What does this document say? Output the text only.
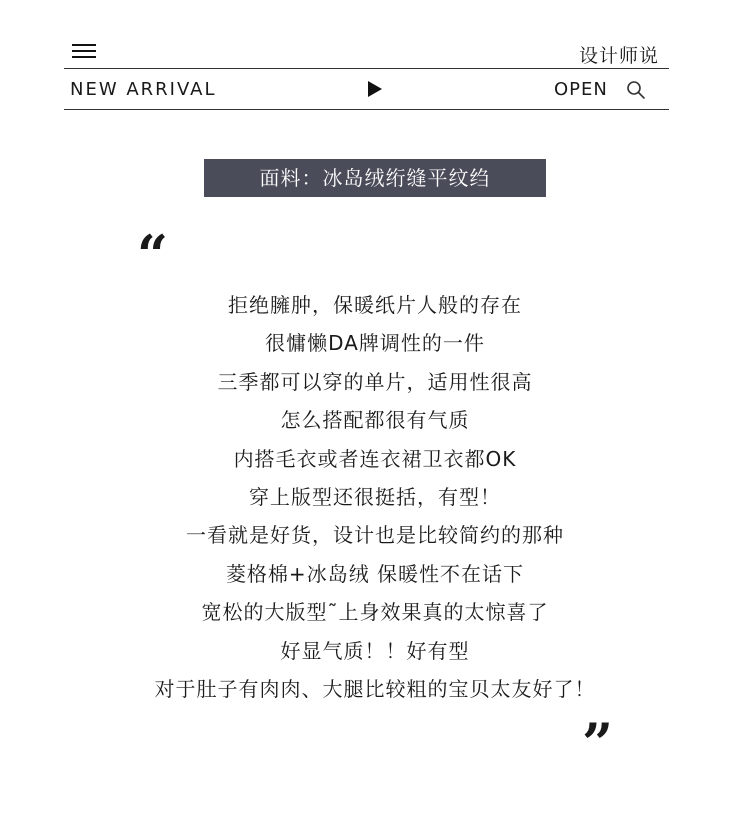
设计师说
NEW ARRIVAL	OPEN
面料：冰岛绒绗缝平纹绉
“
拒绝臃肿，保暖纸片人般的存在
很慵懒DA牌调性的一件
三季都可以穿的单片，适用性很高
怎么搭配都很有气质
内搭毛衣或者连衣裙卫衣都OK
穿上版型还很挺括，有型！
一看就是好货，设计也是比较简约的那种
菱格棉+冰岛绒 保暖性不在话下
宽松的大版型˜上身效果真的太惊喜了
好显气质！！好有型
对于肚子有肉肉、大腿比较粗的宝贝太友好了！
”
